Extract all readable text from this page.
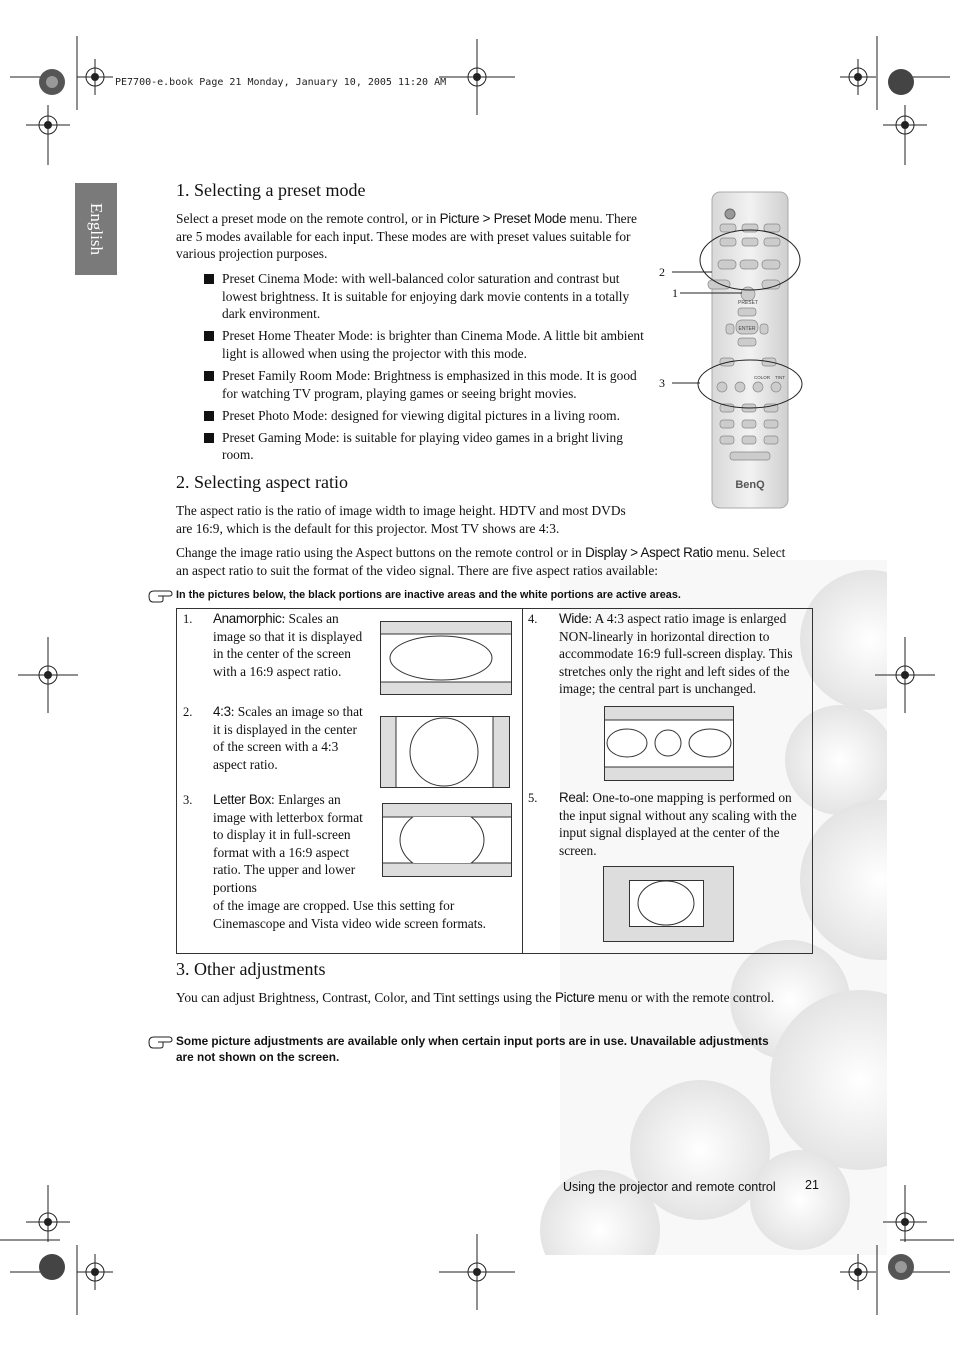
PE7700-e.book Page 21 Monday, January 10, 2005 11:20 AM
English
1. Selecting a preset mode

Select a preset mode on the remote control, or in Picture > Preset Mode menu. There are 5 modes available for each input. These modes are with preset values suitable for various projection purposes.

Preset Cinema Mode: with well-balanced color saturation and contrast but lowest brightness. It is suitable for enjoying dark movie contents in a totally dark environment.
Preset Home Theater Mode: is brighter than Cinema Mode. A little bit ambient light is allowed when using the projector with this mode.
Preset Family Room Mode: Brightness is emphasized in this mode. It is good for watching TV program, playing games or seeing bright movies.
Preset Photo Mode: designed for viewing digital pictures in a living room.
Preset Gaming Mode: is suitable for playing video games in a bright living room.
PRESET
ENTER
COLOR TINT
BenQ
2
1
3
2. Selecting aspect ratio

The aspect ratio is the ratio of image width to image height. HDTV and most DVDs are 16:9, which is the default for this projector. Most TV shows are 4:3.

Change the image ratio using the Aspect buttons on the remote control or in Display > Aspect Ratio menu. Select an aspect ratio to suit the format of the video signal. There are five aspect ratios available:

In the pictures below, the black portions are inactive areas and the white portions are active areas.
1. Anamorphic: Scales an image so that it is displayed in the center of the screen with a 16:9 aspect ratio.
2. 4:3: Scales an image so that it is displayed in the center of the screen with a 4:3 aspect ratio.
3. Letter Box: Enlarges an image with letterbox format to display it in full-screen format with a 16:9 aspect ratio. The upper and lower portions
of the image are cropped. Use this setting for Cinemascope and Vista video wide screen formats.

4. Wide: A 4:3 aspect ratio image is enlarged NON-linearly in horizontal direction to accommodate 16:9 full-screen display. This stretches only the right and left sides of the image; the central part is unchanged.
5. Real: One-to-one mapping is performed on the input signal without any scaling with the input signal displayed at the center of the screen.
3. Other adjustments

You can adjust Brightness, Contrast, Color, and Tint settings using the Picture menu or with the remote control.

Some picture adjustments are available only when certain input ports are in use. Unavailable adjustments are not shown on the screen.
Using the projector and remote control 21
